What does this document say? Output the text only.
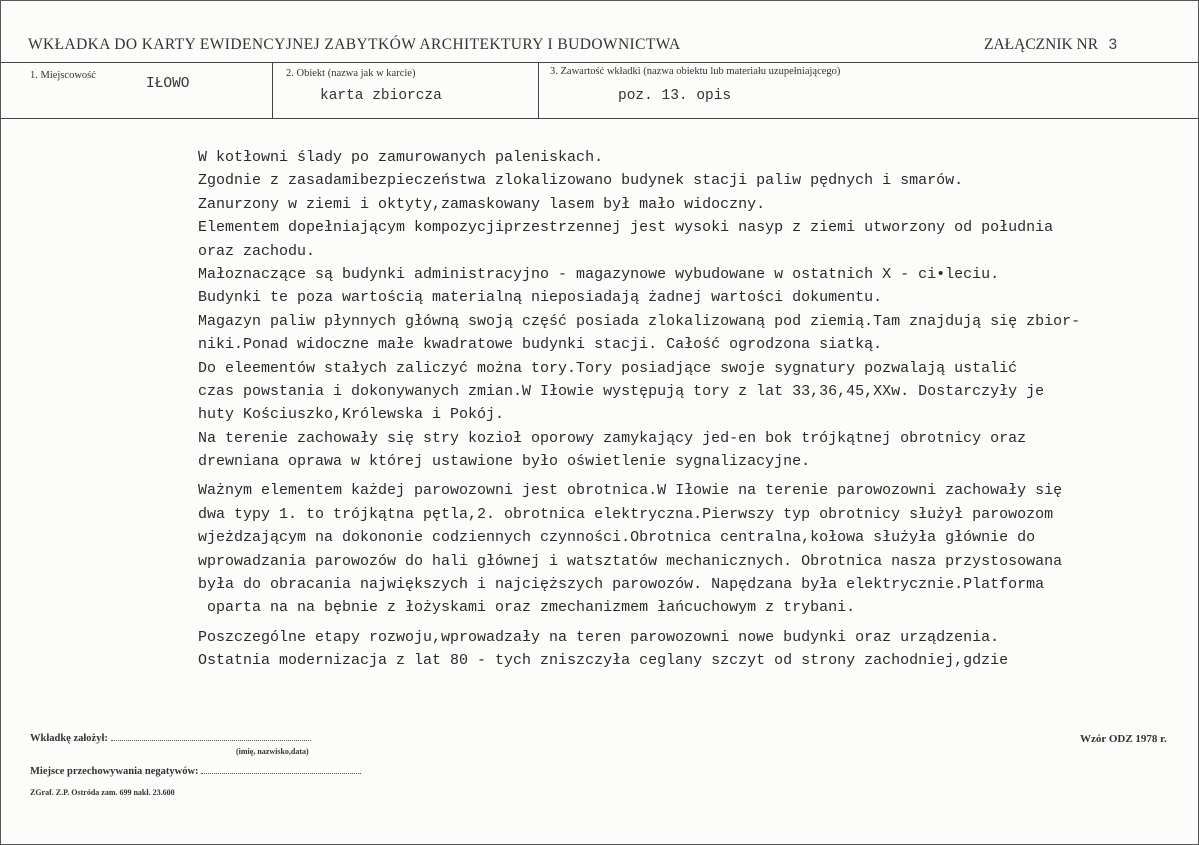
WKŁADKA DO KARTY EWIDENCYJNEJ ZABYTKÓW ARCHITEKTURY I BUDOWNICTWA	ZAŁĄCZNIK NR 3
1. Miejscowość
IŁOWO
2. Obiekt (nazwa jak w karcie)
karta zbiorcza
3. Zawartość wkładki (nazwa obiektu lub materiału uzupełniającego)
poz. 13. opis
W kotłowni ślady po zamurowanych paleniskach.
Zgodnie z zasadamibezpieczeństwa zlokalizowano budynek stacji paliw pędnych i smarów.
Zanurzony w ziemi i oktyty,zamaskowany lasem był mało widoczny.
Elementem dopełniającym kompozycjiprzestrzennej jest wysoki nasyp z ziemi utworzony od południa
oraz zachodu.
Małoznaczące są budynki administracyjno - magazynowe wybudowane w ostatnich X - ci•leciu.
Budynki te poza wartością materialną nieposiadają żadnej wartości dokumentu.
Magazyn paliw płynnych główną swoją część posiada zlokalizowaną pod ziemią.Tam znajdują się zbior-
niki.Ponad widoczne małe kwadratowe budynki stacji. Całość ogrodzona siatką.
Do eleementów stałych zaliczyć można tory.Tory posiadjące swoje sygnatury pozwalają ustalić
czas powstania i dokonywanych zmian.W Iłowie występują tory z lat 33,36,45,XXw. Dostarczyły je
huty Kościuszko,Królewska i Pokój.
Na terenie zachowały się stry kozioł oporowy zamykający jed-en bok trójkątnej obrotnicy oraz
drewniana oprawa w której ustawione było oświetlenie sygnalizacyjne.
Ważnym elementem każdej parowozowni jest obrotnica.W Iłowie na terenie parowozowni zachowały się
dwa typy 1. to trójkątna pętla,2. obrotnica elektryczna.Pierwszy typ obrotnicy służył parowozom
wjeżdzającym na dokononie codziennych czynności.Obrotnica centralna,kołowa służyła głównie do
wprowadzania parowozów do hali głównej i watsztatów mechanicznych. Obrotnica nasza przystosowana
była do obracania największych i najcięższych parowozów. Napędzana była elektrycznie.Platforma
oparta na na bębnie z łożyskami oraz zmechanizmem łańcuchowym z trybani.
Poszczególne etapy rozwoju,wprowadzały na teren parowozowni nowe budynki oraz urządzenia.
Ostatnia modernizacja z lat 80 - tych zniszczyła ceglany szczyt od strony zachodniej,gdzie
Wkładkę założył:
(imię, nazwisko,data)
Wzór ODZ 1978 r.
Miejsce przechowywania negatywów:
ZGraf. Z.P. Ostróda zam. 699 nakł. 23.600
